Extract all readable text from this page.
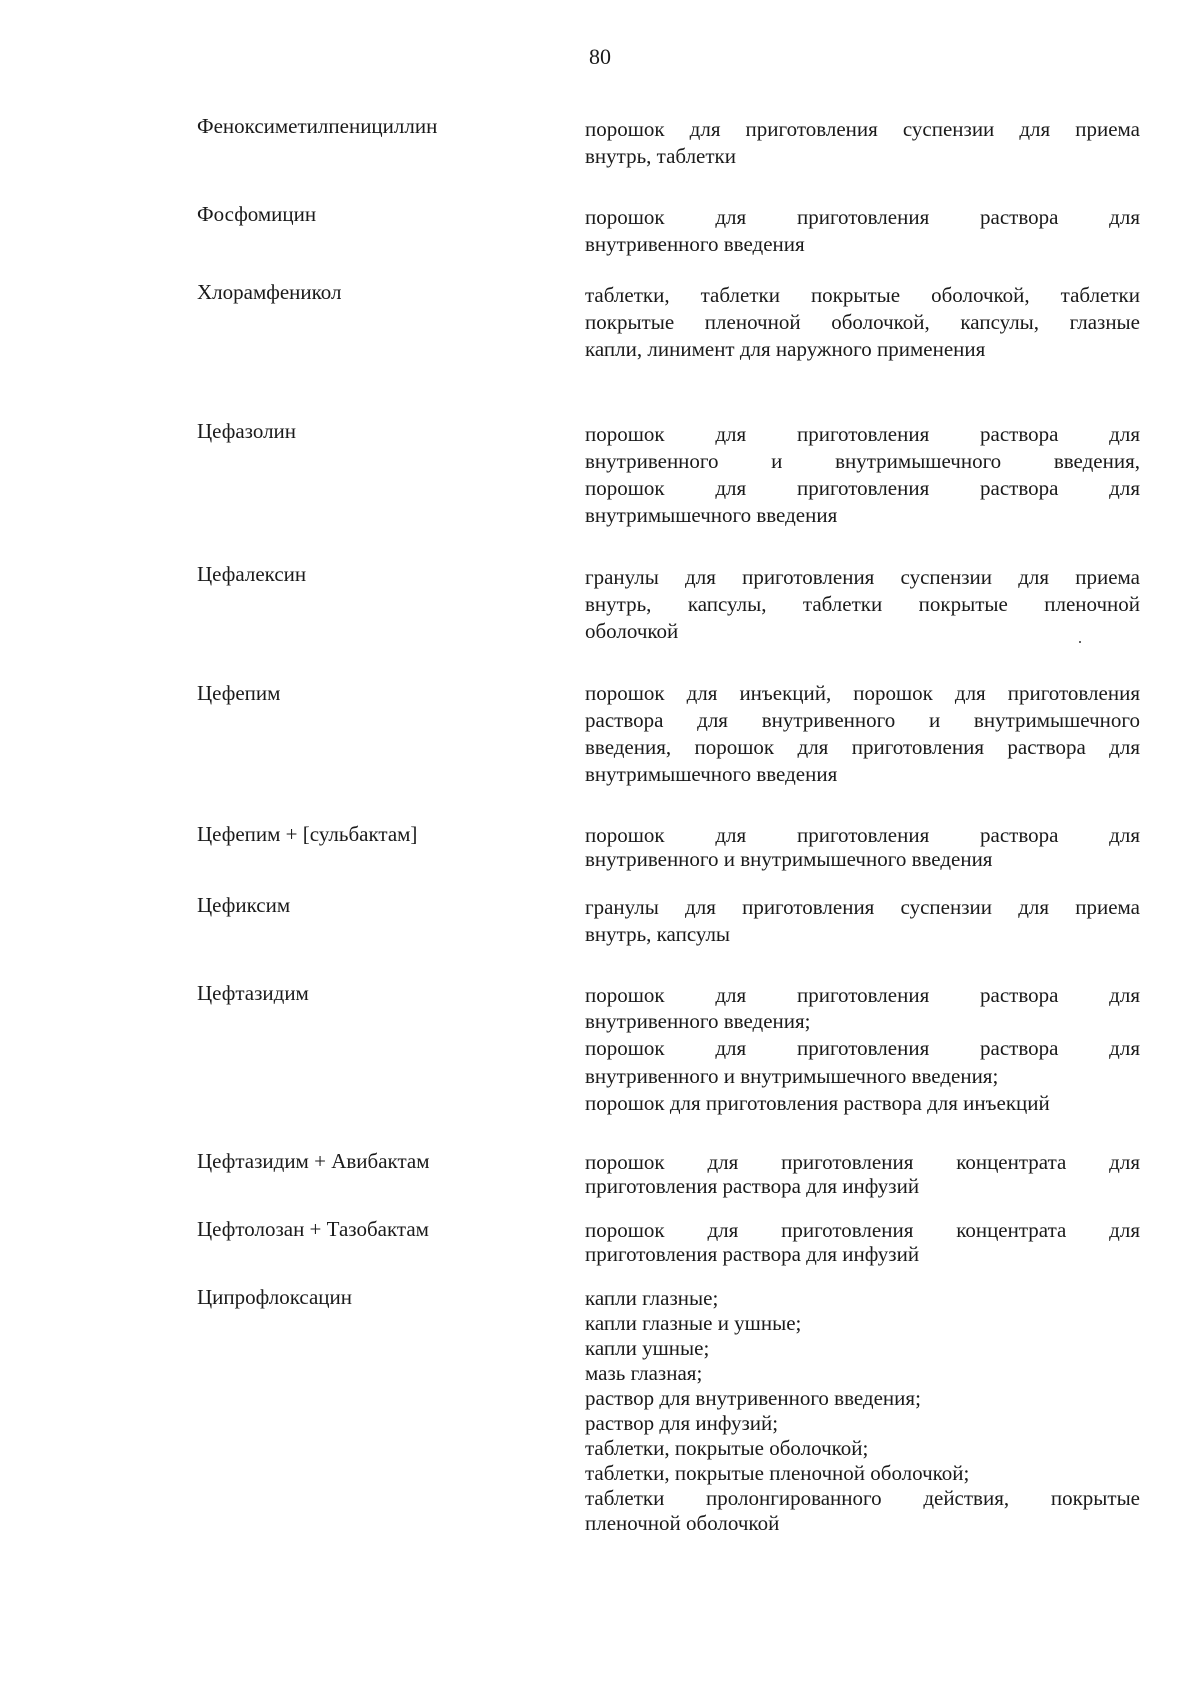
80
Феноксиметилпенициллин	порошок для приготовления суспензии для приема
внутрь, таблетки
Фосфомицин	порошок для приготовления раствора для
внутривенного введения
Хлорамфеникол	таблетки, таблетки покрытые оболочкой, таблетки
покрытые пленочной оболочкой, капсулы, глазные
капли, линимент для наружного применения
Цефазолин	порошок для приготовления раствора для
внутривенного и внутримышечного введения,
порошок для приготовления раствора для
внутримышечного введения
Цефалексин	гранулы для приготовления суспензии для приема
внутрь, капсулы, таблетки покрытые пленочной
оболочкой
Цефепим	порошок для инъекций, порошок для приготовления
раствора для внутривенного и внутримышечного
введения, порошок для приготовления раствора для
внутримышечного введения
Цефепим + [сульбактам]	порошок для приготовления раствора для
внутривенного и внутримышечного введения
Цефиксим	гранулы для приготовления суспензии для приема
внутрь, капсулы
Цефтазидим	порошок для приготовления раствора для
внутривенного введения;
порошок для приготовления раствора для
внутривенного и внутримышечного введения;
порошок для приготовления раствора для инъекций
Цефтазидим + Авибактам	порошок для приготовления концентрата для
приготовления раствора для инфузий
Цефтолозан + Тазобактам	порошок для приготовления концентрата для
приготовления раствора для инфузий
Ципрофлоксацин	капли глазные;
капли глазные и ушные;
капли ушные;
мазь глазная;
раствор для внутривенного введения;
раствор для инфузий;
таблетки, покрытые оболочкой;
таблетки, покрытые пленочной оболочкой;
таблетки пролонгированного действия, покрытые
пленочной оболочкой
